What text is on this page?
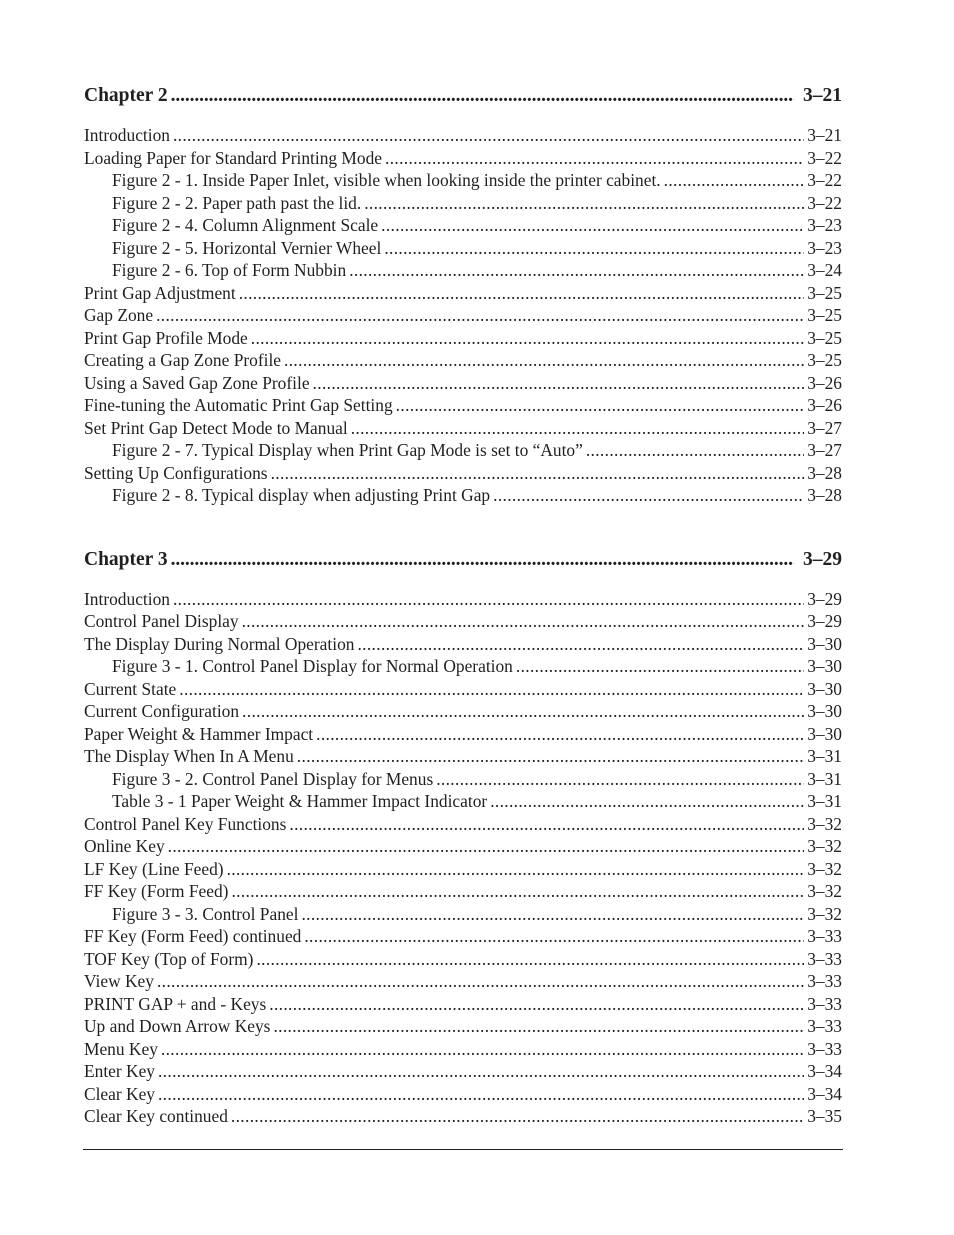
Chapter 2 . . .	3–21
Introduction . . .	3–21
Loading Paper for Standard Printing Mode . . .	3–22
Figure 2 - 1. Inside Paper Inlet, visible when looking inside the printer cabinet. . . .	3–22
Figure 2 - 2. Paper path past the lid. . . .	3–22
Figure 2 - 4. Column Alignment Scale . . .	3–23
Figure 2 - 5. Horizontal Vernier Wheel . . .	3–23
Figure 2 - 6. Top of Form Nubbin . . .	3–24
Print Gap Adjustment . . .	3–25
Gap Zone . . .	3–25
Print Gap Profile Mode . . .	3–25
Creating a Gap Zone Profile . . .	3–25
Using a Saved Gap Zone Profile . . .	3–26
Fine-tuning the Automatic Print Gap Setting . . .	3–26
Set Print Gap Detect Mode to Manual . . .	3–27
Figure 2 - 7. Typical Display when Print Gap Mode is set to “Auto” . . .	3–27
Setting Up Configurations . . .	3–28
Figure 2 - 8. Typical display when adjusting Print Gap . . .	3–28
Chapter 3 . . .	3–29
Introduction . . .	3–29
Control Panel Display . . .	3–29
The Display During Normal Operation . . .	3–30
Figure 3 - 1. Control Panel Display for Normal Operation . . .	3–30
Current State . . .	3–30
Current Configuration . . .	3–30
Paper Weight & Hammer Impact . . .	3–30
The Display When In A Menu . . .	3–31
Figure 3 - 2. Control Panel Display for Menus . . .	3–31
Table 3 - 1 Paper Weight & Hammer Impact Indicator . . .	3–31
Control Panel Key Functions . . .	3–32
Online Key . . .	3–32
LF Key (Line Feed) . . .	3–32
FF Key (Form Feed) . . .	3–32
Figure 3 - 3. Control Panel . . .	3–32
FF Key (Form Feed) continued . . .	3–33
TOF Key (Top of Form) . . .	3–33
View Key . . .	3–33
PRINT GAP + and - Keys . . .	3–33
Up and Down Arrow Keys . . .	3–33
Menu Key . . .	3–33
Enter Key . . .	3–34
Clear Key . . .	3–34
Clear Key continued . . .	3–35
